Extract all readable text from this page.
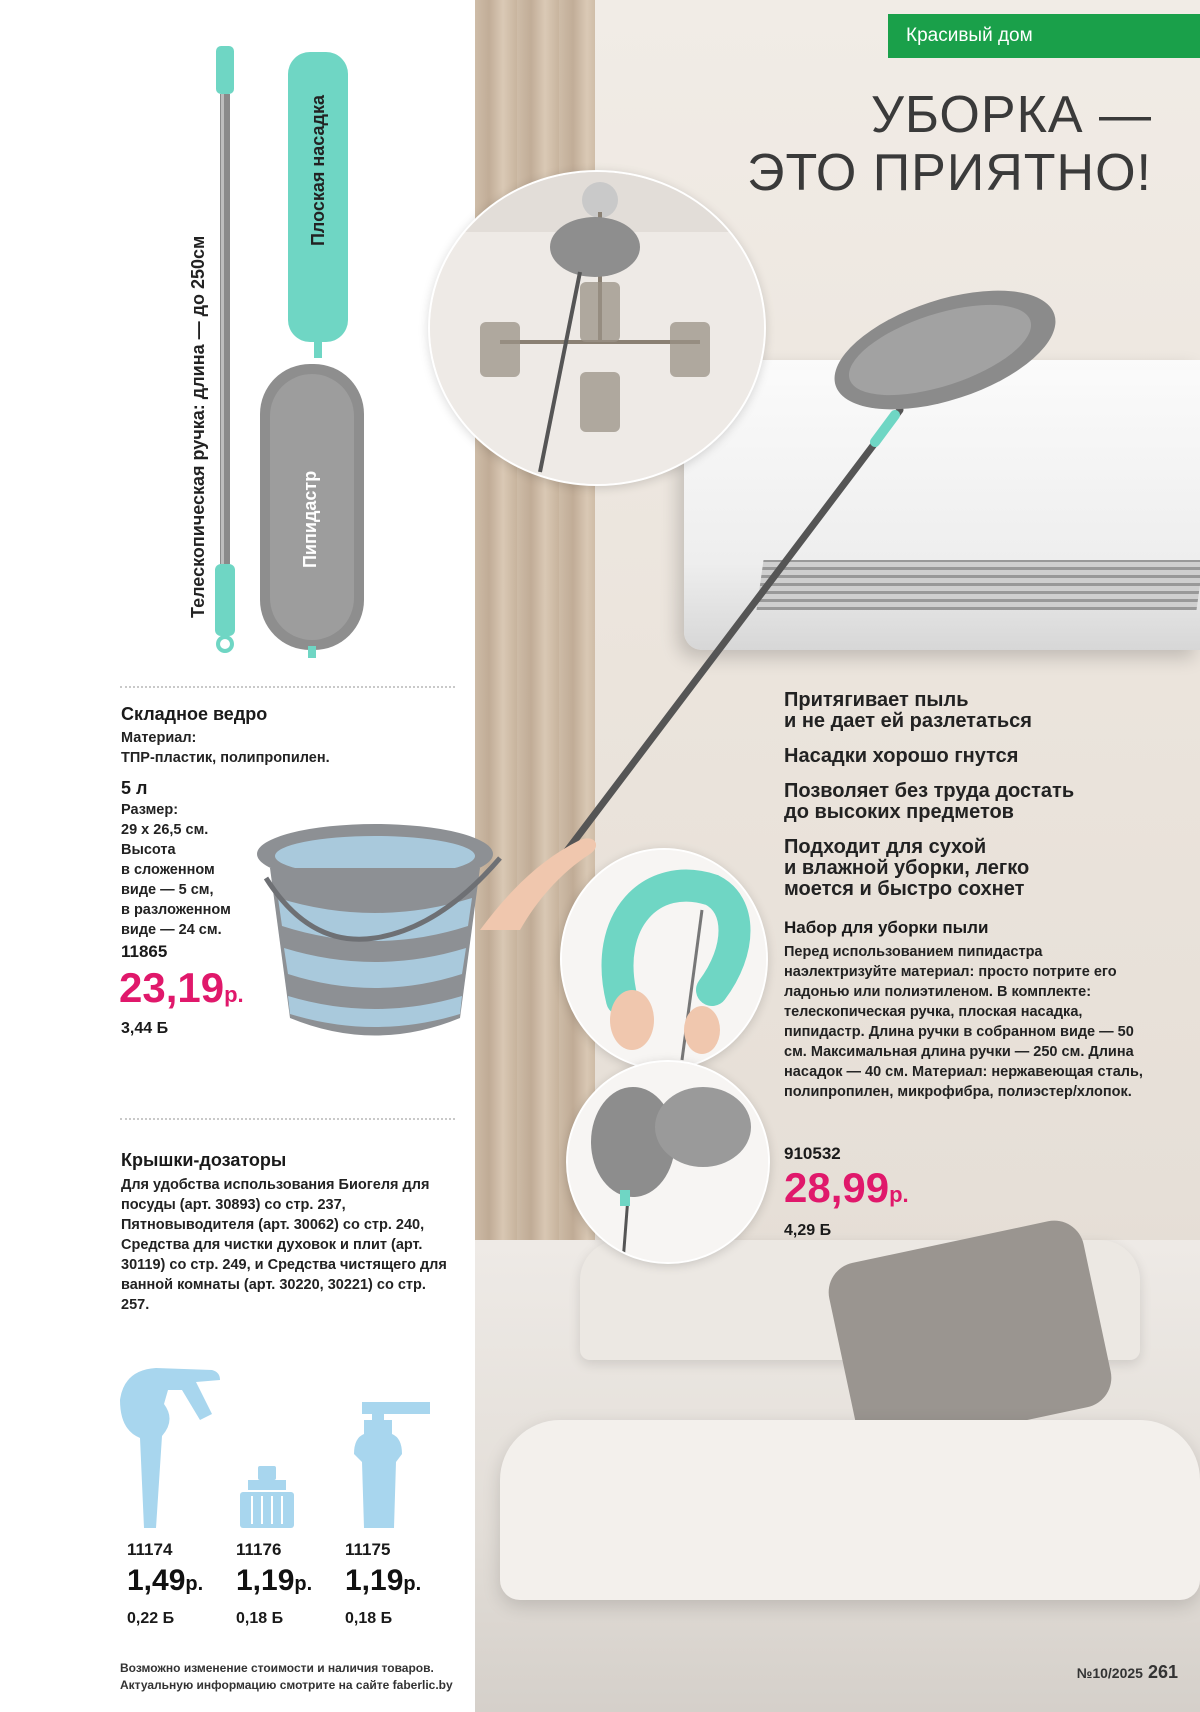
Красивый дом
УБОРКА —
ЭТО ПРИЯТНО!
Притягивает пыль
и не дает ей разлетаться
Насадки хорошо гнутся
Позволяет без труда достать
до высоких предметов
Подходит для сухой
и влажной уборки, легко
моется и быстро сохнет
Набор для уборки пыли
Перед использованием пипидастра наэлектризуйте материал: просто потрите его ладонью или полиэтиленом. В комплекте: телескопическая ручка, плоская насадка, пипидастр. Длина ручки в собранном виде — 50 см. Максимальная длина ручки — 250 см. Длина насадок — 40 см. Материал: нержавеющая сталь, полипропилен, микрофибра, полиэстер/хлопок.
910532
28,99р.
4,29 Б
Телескопическая ручка: длина — до 250см
Плоская насадка
Пипидастр
Складное ведро
Материал:
ТПР-пластик, полипропилен.
5 л
Размер:
29 х 26,5 см.
Высота
в сложенном
виде — 5 см,
в разложенном
виде — 24 см.
11865
23,19р.
3,44 Б
Крышки-дозаторы
Для удобства использования Биогеля для посуды (арт. 30893) со стр. 237, Пятновыводителя (арт. 30062) со стр. 240, Средства для чистки духовок и плит (арт. 30119) со стр. 249, и Средства чистящего для ванной комнаты (арт. 30220, 30221) со стр. 257.
11174
1,49р.
0,22 Б
11176
1,19р.
0,18 Б
11175
1,19р.
0,18 Б
Возможно изменение стоимости и наличия товаров.
Актуальную информацию смотрите на сайте faberlic.by
№10/2025 261
